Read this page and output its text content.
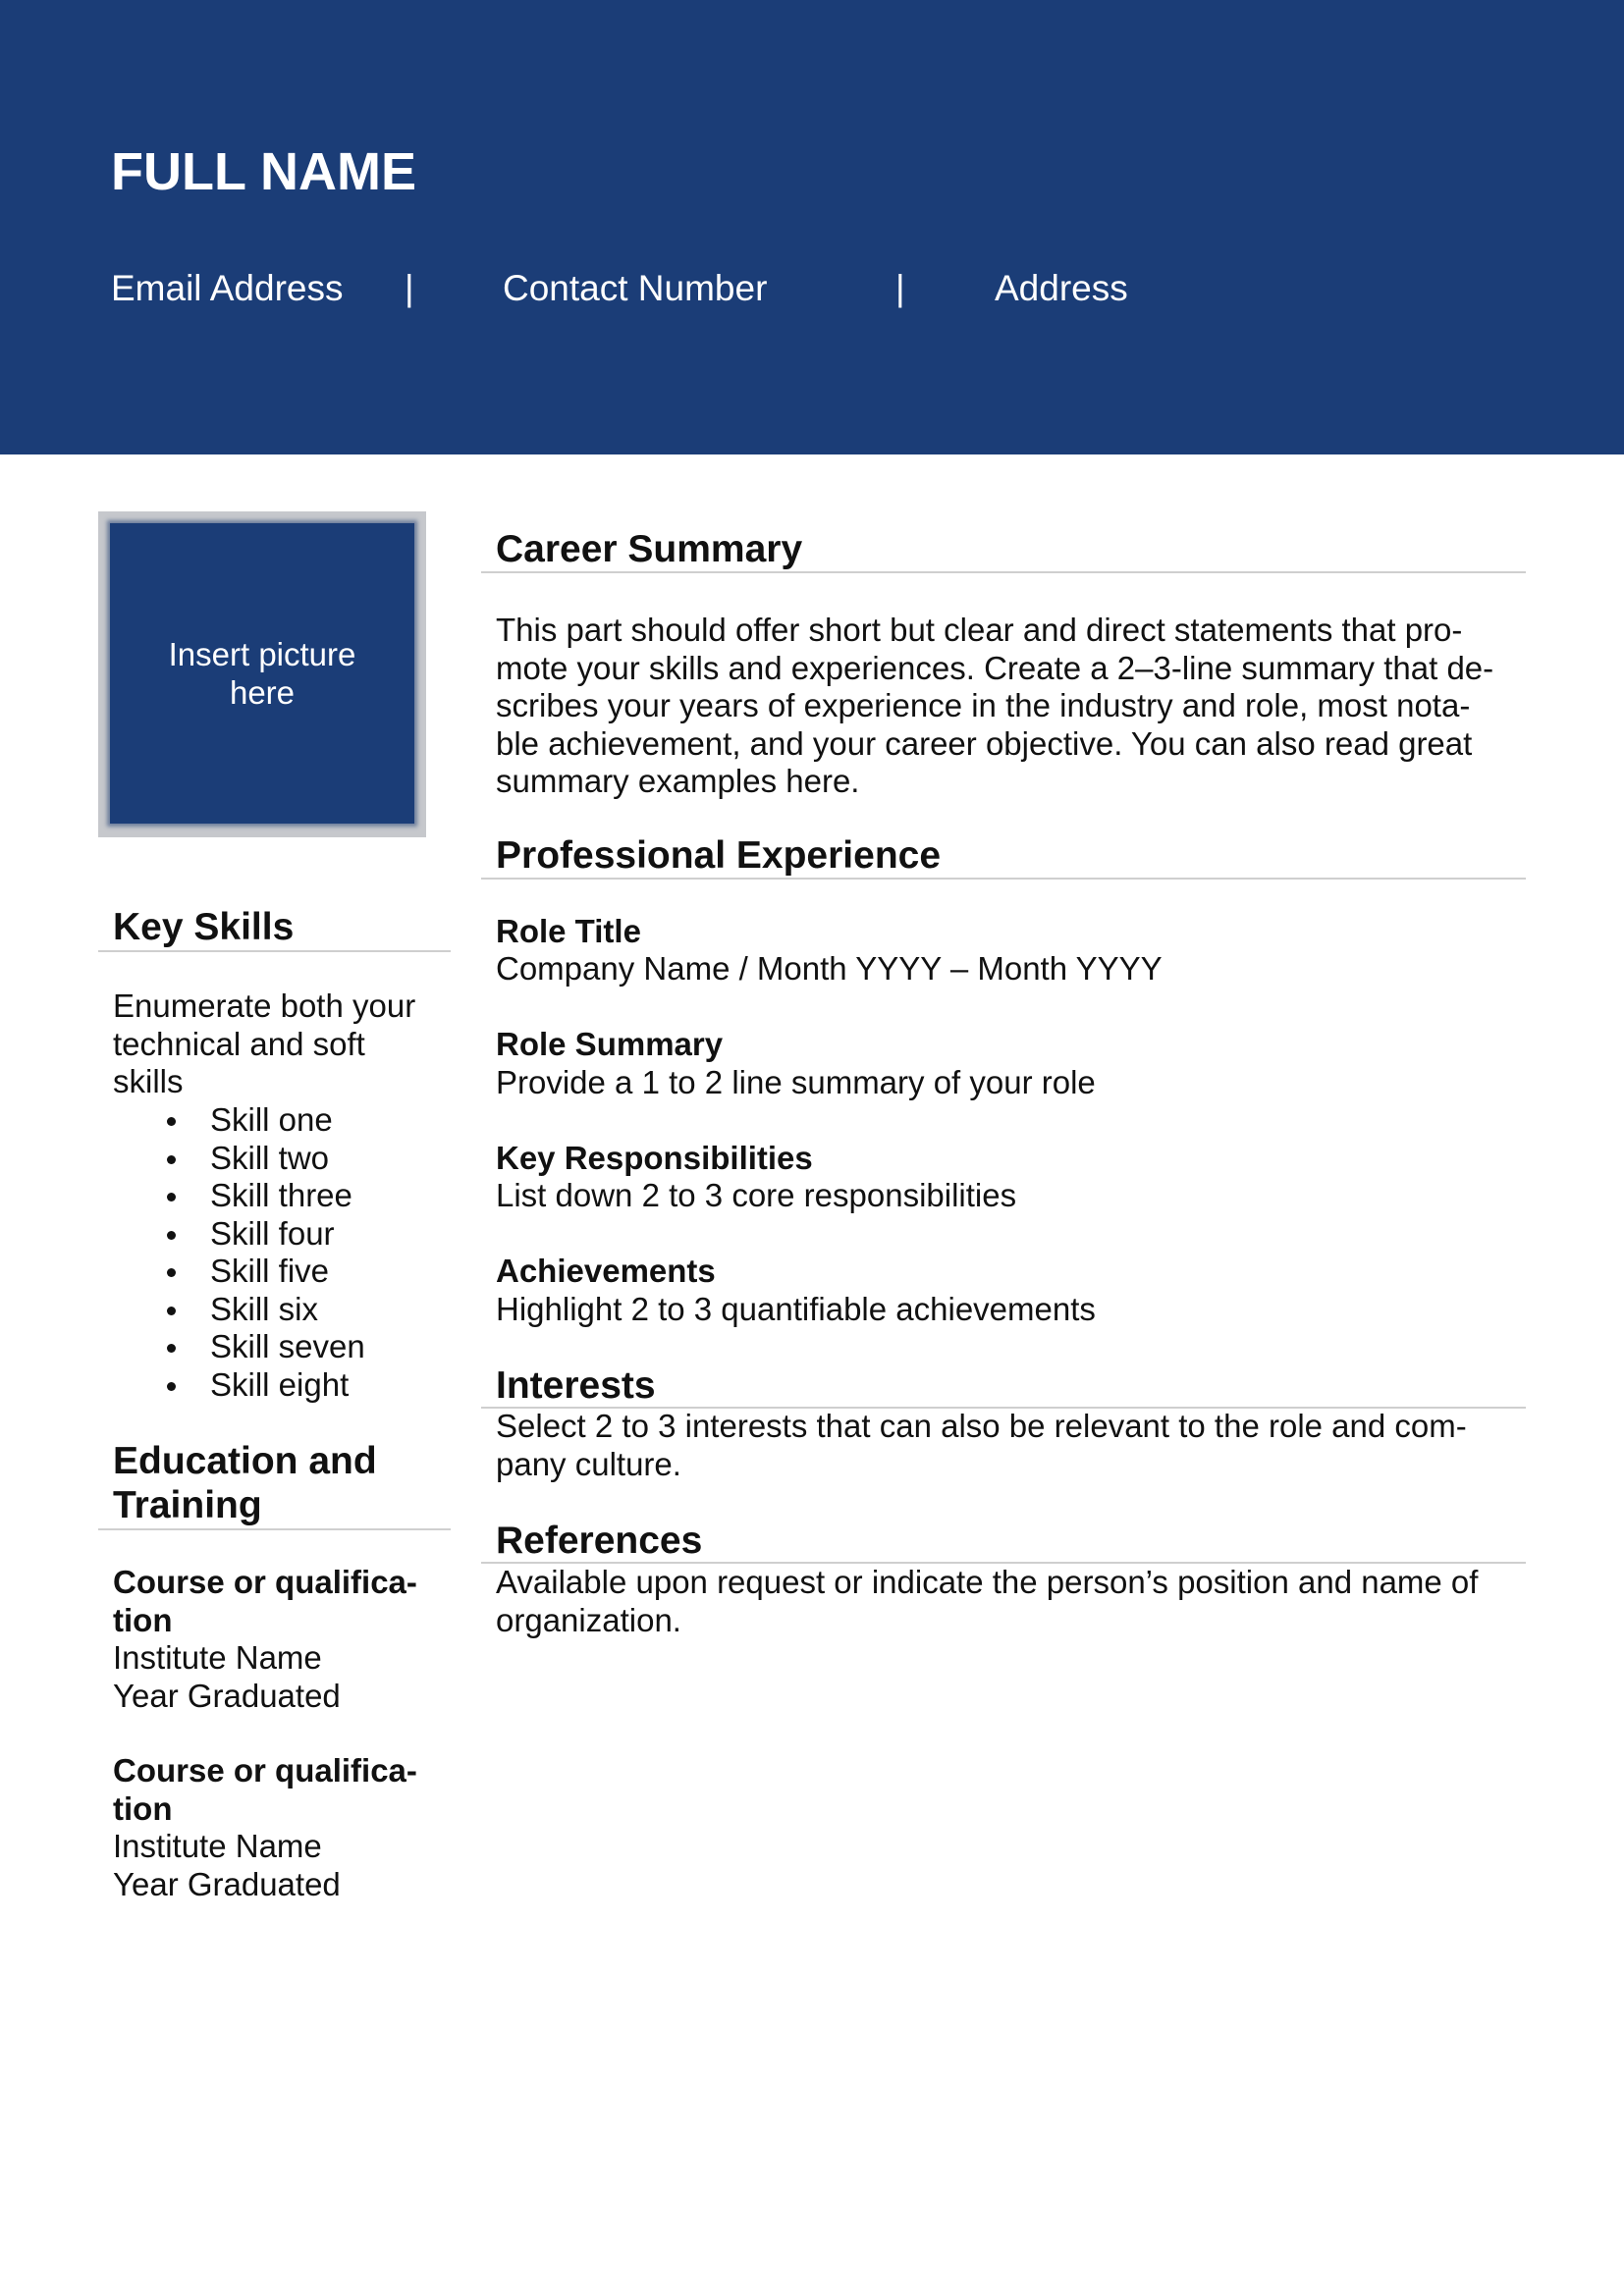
FULL NAME
Email Address | Contact Number	| Address
Insert picture here
Key Skills
Enumerate both your
technical and soft
skills
Skill one
Skill two
Skill three
Skill four
Skill five
Skill six
Skill seven
Skill eight
Education and
Training
Course or qualifica-
tion
Institute Name
Year Graduated
Course or qualifica-
tion
Institute Name
Year Graduated
Career Summary
This part should offer short but clear and direct statements that pro-
mote your skills and experiences. Create a 2–3-line summary that de-
scribes your years of experience in the industry and role, most nota-
ble achievement, and your career objective. You can also read great
summary examples here.
Professional Experience
Role Title
Company Name / Month YYYY – Month YYYY
Role Summary
Provide a 1 to 2 line summary of your role
Key Responsibilities
List down 2 to 3 core responsibilities
Achievements
Highlight 2 to 3 quantifiable achievements
Interests
Select 2 to 3 interests that can also be relevant to the role and com-
pany culture.
References
Available upon request or indicate the person’s position and name of
organization.
